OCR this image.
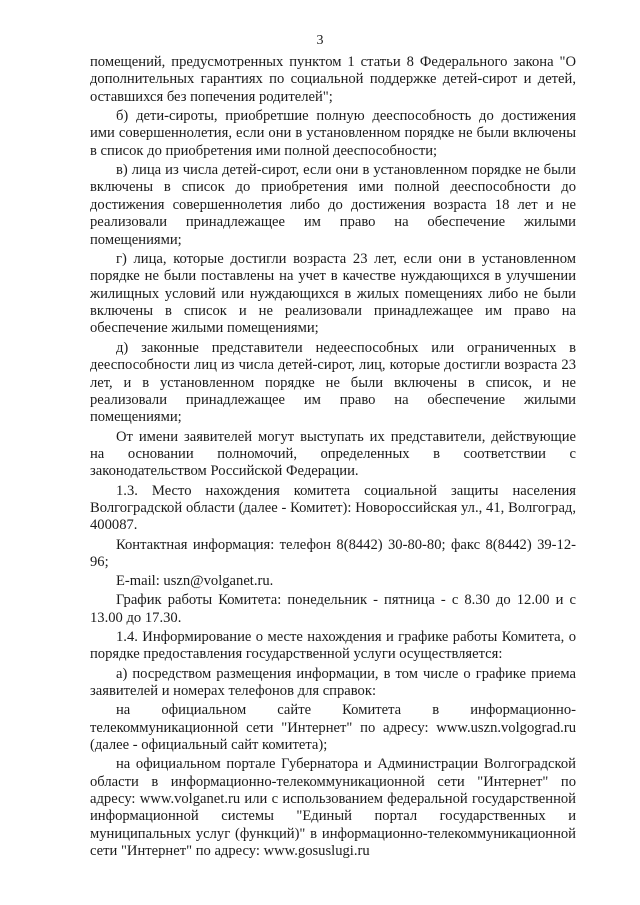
3

помещений, предусмотренных пунктом 1 статьи 8 Федерального закона "О дополнительных гарантиях по социальной поддержке детей-сирот и детей, оставшихся без попечения родителей";

б) дети-сироты, приобретшие полную дееспособность до достижения ими совершеннолетия, если они в установленном порядке не были включены в список до приобретения ими полной дееспособности;

в) лица из числа детей-сирот, если они в установленном порядке не были включены в список до приобретения ими полной дееспособности до достижения совершеннолетия либо до достижения возраста 18 лет и не реализовали принадлежащее им право на обеспечение жилыми помещениями;

г) лица, которые достигли возраста 23 лет, если они в установленном порядке не были поставлены на учет в качестве нуждающихся в улучшении жилищных условий или нуждающихся в жилых помещениях либо не были включены в список и не реализовали принадлежащее им право на обеспечение жилыми помещениями;

д) законные представители недееспособных или ограниченных в дееспособности лиц из числа детей-сирот, лиц, которые достигли возраста 23 лет, и в установленном порядке не были включены в список, и не реализовали принадлежащее им право на обеспечение жилыми помещениями;

От имени заявителей могут выступать их представители, действующие на основании полномочий, определенных в соответствии с законодательством Российской Федерации.

1.3. Место нахождения комитета социальной защиты населения Волгоградской области (далее - Комитет): Новороссийская ул., 41, Волгоград, 400087.

Контактная информация: телефон 8(8442) 30-80-80; факс 8(8442) 39-12-96;

E-mail: uszn@volganet.ru.

График работы Комитета: понедельник - пятница - с 8.30 до 12.00 и с 13.00 до 17.30.

1.4. Информирование о месте нахождения и графике работы Комитета, о порядке предоставления государственной услуги осуществляется:

а) посредством размещения информации, в том числе о графике приема заявителей и номерах телефонов для справок:

на официальном сайте Комитета в информационно-телекоммуникационной сети "Интернет" по адресу: www.uszn.volgograd.ru (далее - официальный сайт комитета);

на официальном портале Губернатора и Администрации Волгоградской области в информационно-телекоммуникационной сети "Интернет" по адресу: www.volganet.ru или с использованием федеральной государственной информационной системы "Единый портал государственных и муниципальных услуг (функций)" в информационно-телекоммуникационной сети "Интернет" по адресу: www.gosuslugi.ru
